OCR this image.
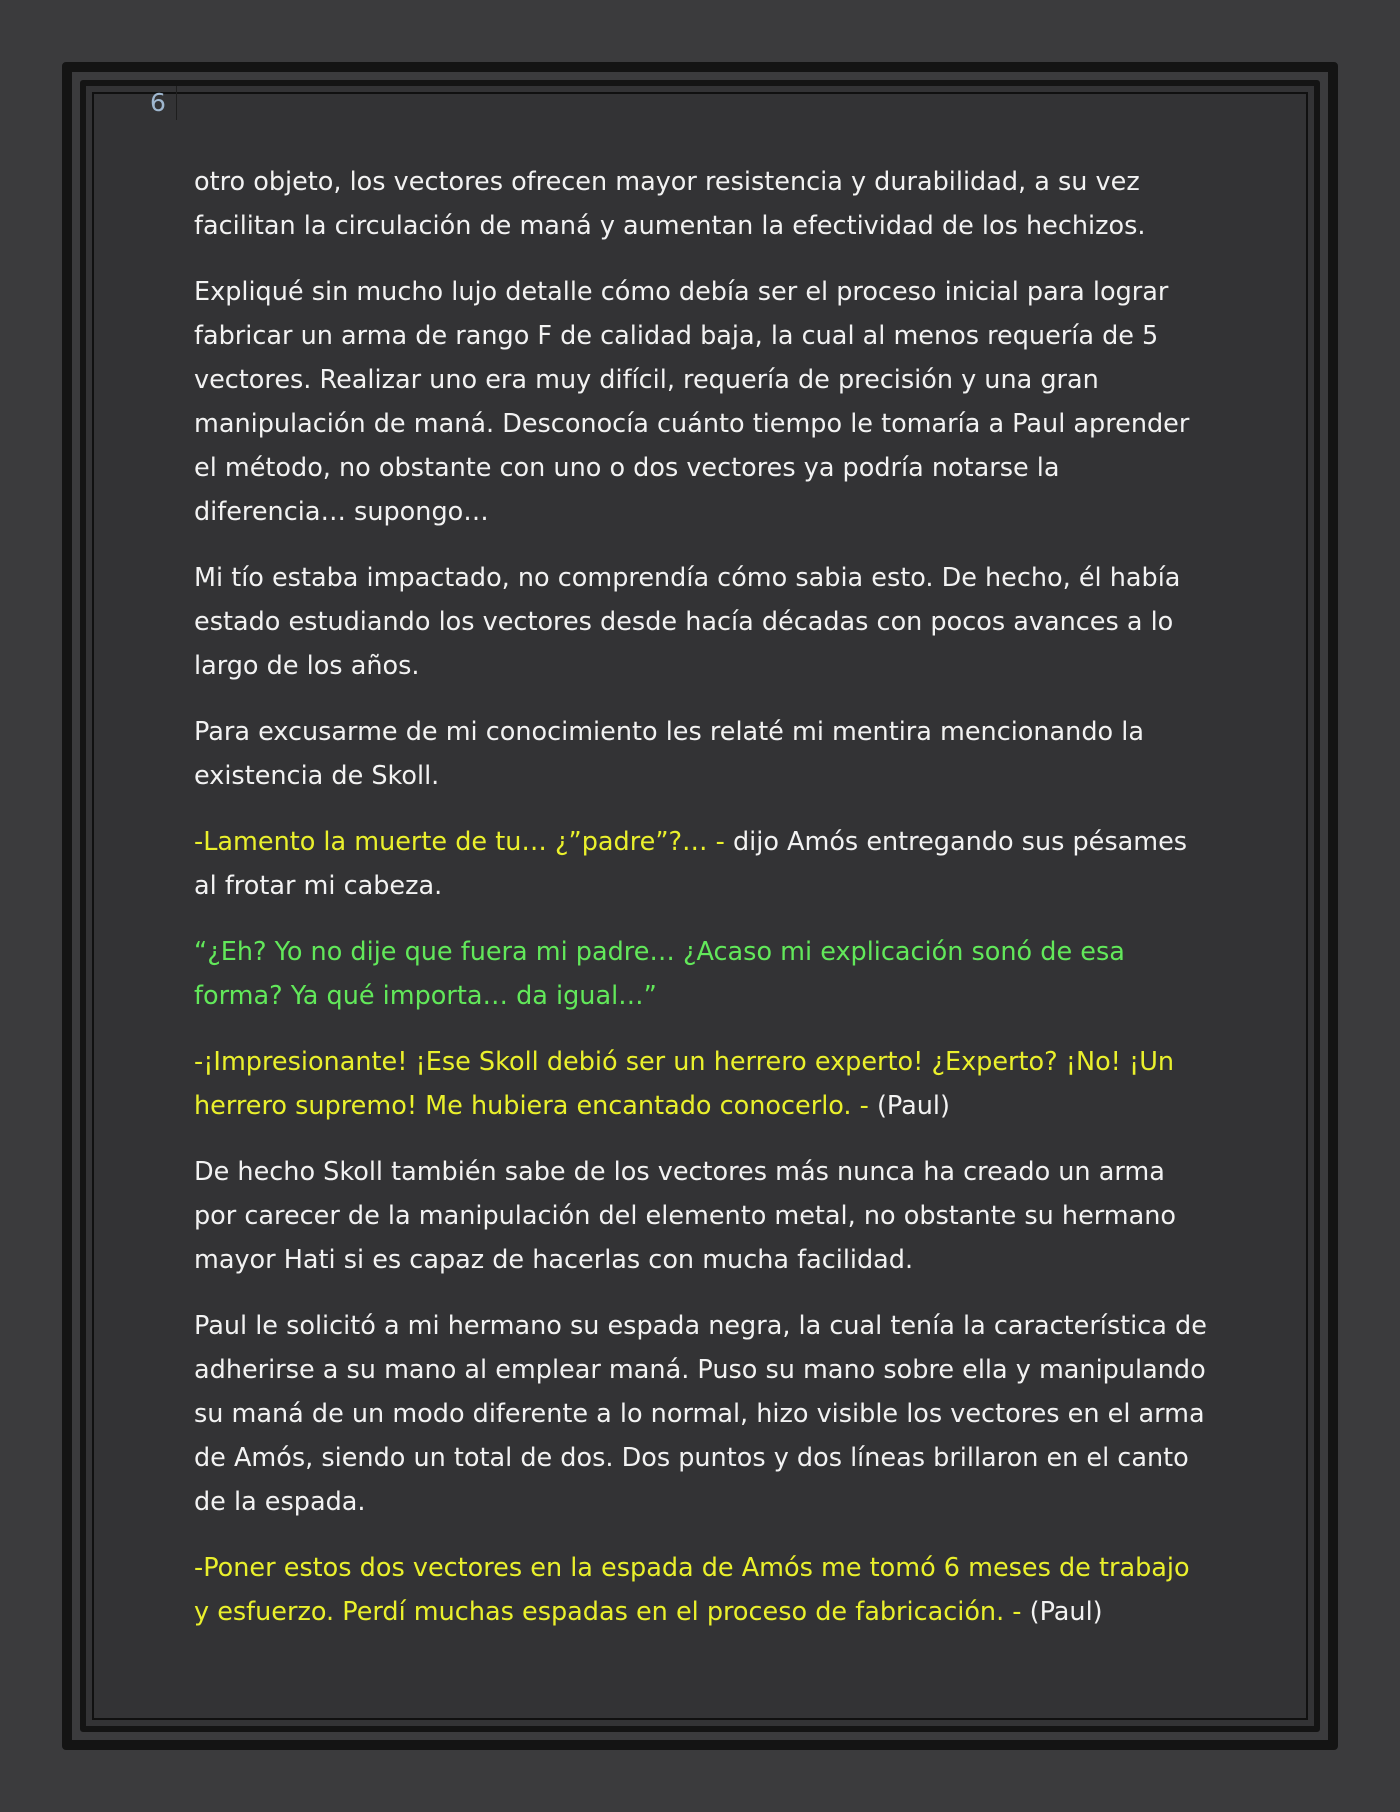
6

otro objeto, los vectores ofrecen mayor resistencia y durabilidad, a su vez facilitan la circulación de maná y aumentan la efectividad de los hechizos.

Expliqué sin mucho lujo detalle cómo debía ser el proceso inicial para lograr fabricar un arma de rango F de calidad baja, la cual al menos requería de 5 vectores. Realizar uno era muy difícil, requería de precisión y una gran manipulación de maná. Desconocía cuánto tiempo le tomaría a Paul aprender el método, no obstante con uno o dos vectores ya podría notarse la diferencia… supongo…

Mi tío estaba impactado, no comprendía cómo sabia esto. De hecho, él había estado estudiando los vectores desde hacía décadas con pocos avances a lo largo de los años.

Para excusarme de mi conocimiento les relaté mi mentira mencionando la existencia de Skoll.

-Lamento la muerte de tu… ¿”padre”?… - dijo Amós entregando sus pésames al frotar mi cabeza.

“¿Eh? Yo no dije que fuera mi padre… ¿Acaso mi explicación sonó de esa forma? Ya qué importa… da igual…”

-¡Impresionante! ¡Ese Skoll debió ser un herrero experto! ¿Experto? ¡No! ¡Un herrero supremo! Me hubiera encantado conocerlo. - (Paul)

De hecho Skoll también sabe de los vectores más nunca ha creado un arma por carecer de la manipulación del elemento metal, no obstante su hermano mayor Hati si es capaz de hacerlas con mucha facilidad.

Paul le solicitó a mi hermano su espada negra, la cual tenía la característica de adherirse a su mano al emplear maná. Puso su mano sobre ella y manipulando su maná de un modo diferente a lo normal, hizo visible los vectores en el arma de Amós, siendo un total de dos. Dos puntos y dos líneas brillaron en el canto de la espada.

-Poner estos dos vectores en la espada de Amós me tomó 6 meses de trabajo y esfuerzo. Perdí muchas espadas en el proceso de fabricación. - (Paul)
